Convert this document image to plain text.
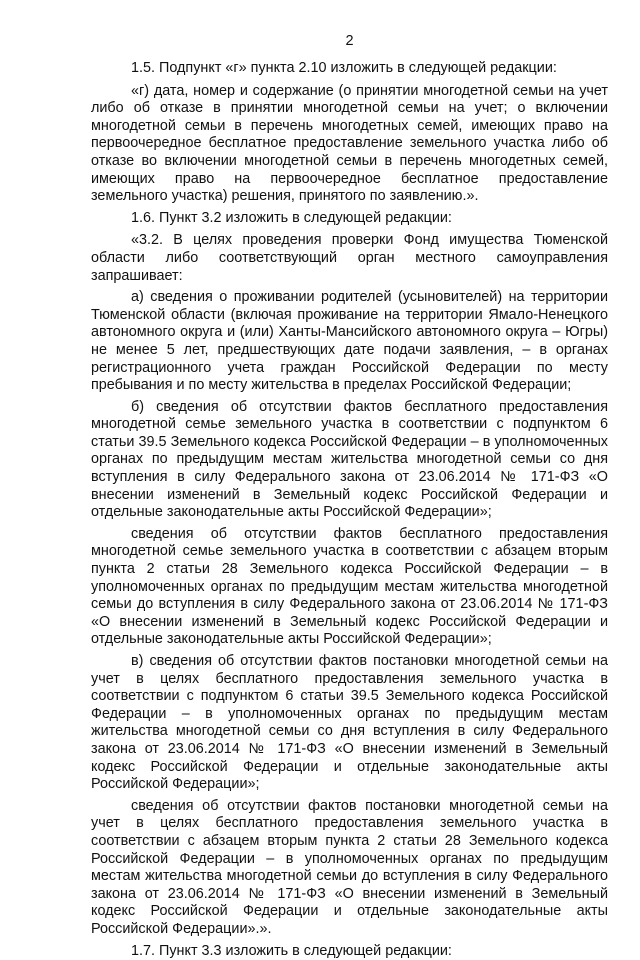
2

1.5. Подпункт «г» пункта 2.10 изложить в следующей редакции:

«г) дата, номер и содержание (о принятии многодетной семьи на учет либо об отказе в принятии многодетной семьи на учет; о включении многодетной семьи в перечень многодетных семей, имеющих право на первоочередное бесплатное предоставление земельного участка либо об отказе во включении многодетной семьи в перечень многодетных семей, имеющих право на первоочередное бесплатное предоставление земельного участка) решения, принятого по заявлению.».

1.6. Пункт 3.2 изложить в следующей редакции:

«3.2. В целях проведения проверки Фонд имущества Тюменской области либо соответствующий орган местного самоуправления запрашивает:

а) сведения о проживании родителей (усыновителей) на территории Тюменской области (включая проживание на территории Ямало-Ненецкого автономного округа и (или) Ханты-Мансийского автономного округа – Югры) не менее 5 лет, предшествующих дате подачи заявления, – в органах регистрационного учета граждан Российской Федерации по месту пребывания и по месту жительства в пределах Российской Федерации;

б) сведения об отсутствии фактов бесплатного предоставления многодетной семье земельного участка в соответствии с подпунктом 6 статьи 39.5 Земельного кодекса Российской Федерации – в уполномоченных органах по предыдущим местам жительства многодетной семьи со дня вступления в силу Федерального закона от 23.06.2014 № 171-ФЗ «О внесении изменений в Земельный кодекс Российской Федерации и отдельные законодательные акты Российской Федерации»;

сведения об отсутствии фактов бесплатного предоставления многодетной семье земельного участка в соответствии с абзацем вторым пункта 2 статьи 28 Земельного кодекса Российской Федерации – в уполномоченных органах по предыдущим местам жительства многодетной семьи до вступления в силу Федерального закона от 23.06.2014 № 171-ФЗ «О внесении изменений в Земельный кодекс Российской Федерации и отдельные законодательные акты Российской Федерации»;

в) сведения об отсутствии фактов постановки многодетной семьи на учет в целях бесплатного предоставления земельного участка в соответствии с подпунктом 6 статьи 39.5 Земельного кодекса Российской Федерации – в уполномоченных органах по предыдущим местам жительства многодетной семьи со дня вступления в силу Федерального закона от 23.06.2014 № 171-ФЗ «О внесении изменений в Земельный кодекс Российской Федерации и отдельные законодательные акты Российской Федерации»;

сведения об отсутствии фактов постановки многодетной семьи на учет в целях бесплатного предоставления земельного участка в соответствии с абзацем вторым пункта 2 статьи 28 Земельного кодекса Российской Федерации – в уполномоченных органах по предыдущим местам жительства многодетной семьи до вступления в силу Федерального закона от 23.06.2014 № 171-ФЗ «О внесении изменений в Земельный кодекс Российской Федерации и отдельные законодательные акты Российской Федерации».».

1.7. Пункт 3.3 изложить в следующей редакции:
